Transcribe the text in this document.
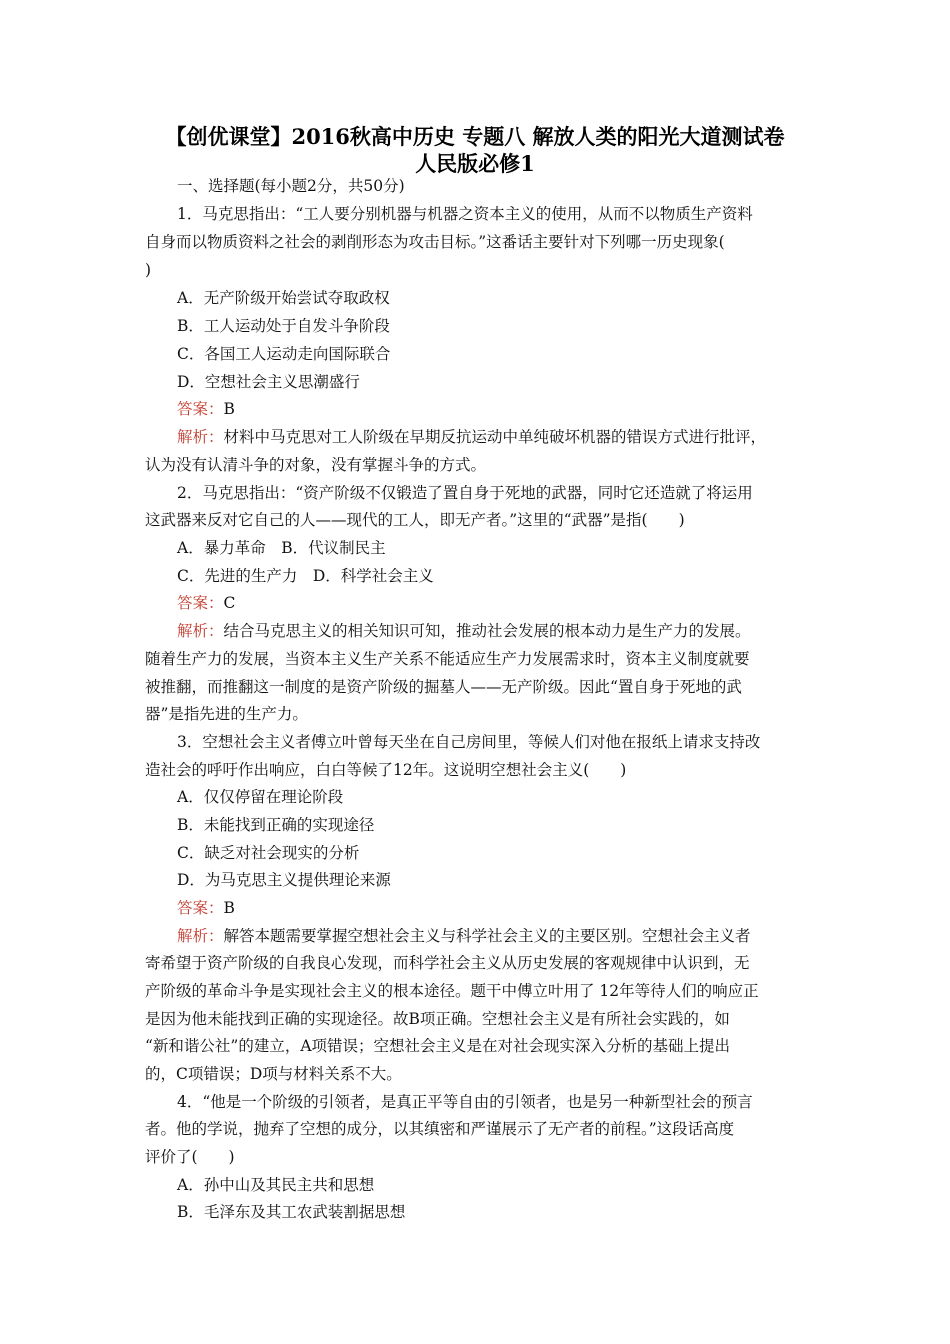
【创优课堂】2016秋高中历史 专题八 解放人类的阳光大道测试卷
人民版必修1
一、选择题(每小题2分，共50分)
1．马克思指出：“工人要分别机器与机器之资本主义的使用，从而不以物质生产资料
自身而以物质资料之社会的剥削形态为攻击目标。”这番话主要针对下列哪一历史现象(
)
A．无产阶级开始尝试夺取政权
B．工人运动处于自发斗争阶段
C．各国工人运动走向国际联合
D．空想社会主义思潮盛行
答案：B
解析：材料中马克思对工人阶级在早期反抗运动中单纯破坏机器的错误方式进行批评，
认为没有认清斗争的对象，没有掌握斗争的方式。
2．马克思指出：“资产阶级不仅锻造了置自身于死地的武器，同时它还造就了将运用
这武器来反对它自己的人——现代的工人，即无产者。”这里的“武器”是指(　　)
A．暴力革命　B．代议制民主
C．先进的生产力　D．科学社会主义
答案：C
解析：结合马克思主义的相关知识可知，推动社会发展的根本动力是生产力的发展。
随着生产力的发展，当资本主义生产关系不能适应生产力发展需求时，资本主义制度就要
被推翻，而推翻这一制度的是资产阶级的掘墓人——无产阶级。因此“置自身于死地的武
器”是指先进的生产力。
3．空想社会主义者傅立叶曾每天坐在自己房间里，等候人们对他在报纸上请求支持改
造社会的呼吁作出响应，白白等候了12年。这说明空想社会主义(　　)
A．仅仅停留在理论阶段
B．未能找到正确的实现途径
C．缺乏对社会现实的分析
D．为马克思主义提供理论来源
答案：B
解析：解答本题需要掌握空想社会主义与科学社会主义的主要区别。空想社会主义者
寄希望于资产阶级的自我良心发现，而科学社会主义从历史发展的客观规律中认识到，无
产阶级的革命斗争是实现社会主义的根本途径。题干中傅立叶用了 12年等待人们的响应正
是因为他未能找到正确的实现途径。故B项正确。空想社会主义是有所社会实践的，如
“新和谐公社”的建立，A项错误；空想社会主义是在对社会现实深入分析的基础上提出
的，C项错误；D项与材料关系不大。
4．“他是一个阶级的引领者，是真正平等自由的引领者，也是另一种新型社会的预言
者。他的学说，抛弃了空想的成分，以其缜密和严谨展示了无产者的前程。”这段话高度
评价了(　　)
A．孙中山及其民主共和思想
B．毛泽东及其工农武装割据思想
